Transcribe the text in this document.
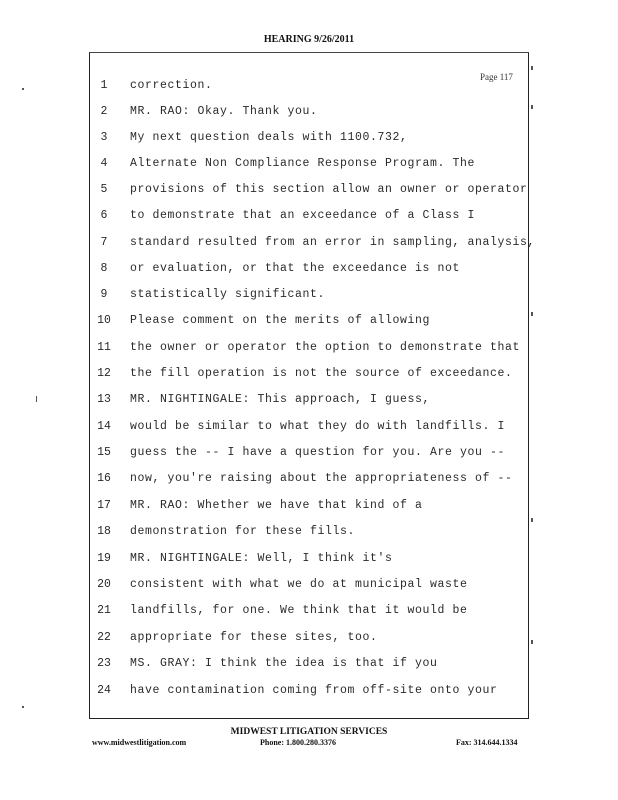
HEARING 9/26/2011
Page 117
1	correction.
2	MR. RAO: Okay. Thank you.
3	My next question deals with 1100.732,
4	Alternate Non Compliance Response Program. The
5	provisions of this section allow an owner or operator
6	to demonstrate that an exceedance of a Class I
7	standard resulted from an error in sampling, analysis,
8	or evaluation, or that the exceedance is not
9	statistically significant.
10	Please comment on the merits of allowing
11	the owner or operator the option to demonstrate that
12	the fill operation is not the source of exceedance.
13	MR. NIGHTINGALE: This approach, I guess,
14	would be similar to what they do with landfills. I
15	guess the -- I have a question for you. Are you --
16	now, you're raising about the appropriateness of --
17	MR. RAO: Whether we have that kind of a
18	demonstration for these fills.
19	MR. NIGHTINGALE: Well, I think it's
20	consistent with what we do at municipal waste
21	landfills, for one. We think that it would be
22	appropriate for these sites, too.
23	MS. GRAY: I think the idea is that if you
24	have contamination coming from off-site onto your
MIDWEST LITIGATION SERVICES
www.midwestlitigation.com	Phone: 1.800.280.3376	Fax: 314.644.1334
